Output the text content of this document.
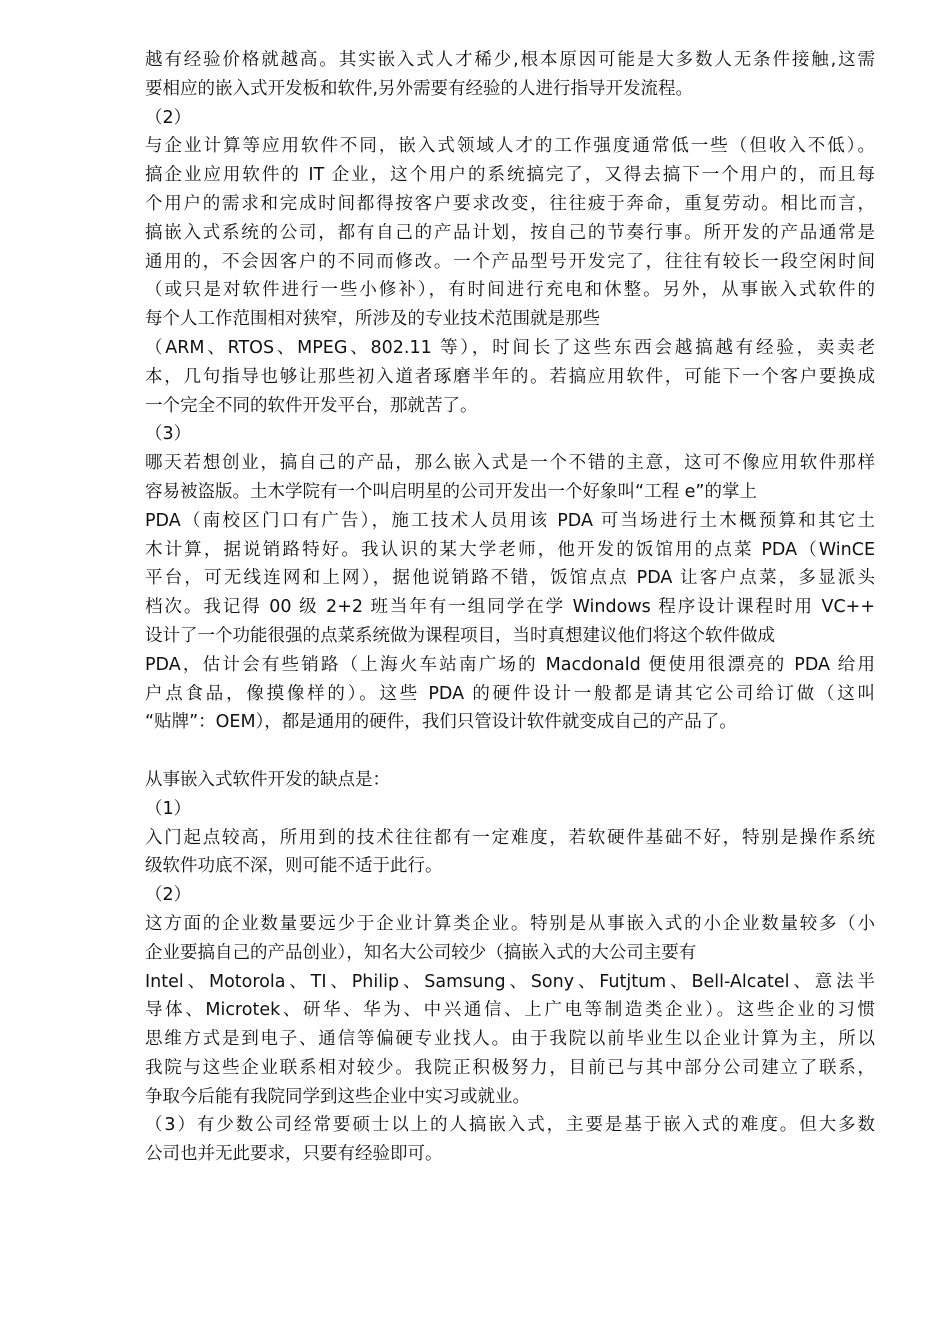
越有经验价格就越高。其实嵌入式人才稀少,根本原因可能是大多数人无条件接触,这需
要相应的嵌入式开发板和软件,另外需要有经验的人进行指导开发流程。
（2）
与企业计算等应用软件不同，嵌入式领域人才的工作强度通常低一些（但收入不低）。
搞企业应用软件的 IT 企业，这个用户的系统搞完了，又得去搞下一个用户的，而且每
个用户的需求和完成时间都得按客户要求改变，往往疲于奔命，重复劳动。相比而言，
搞嵌入式系统的公司，都有自己的产品计划，按自己的节奏行事。所开发的产品通常是
通用的，不会因客户的不同而修改。一个产品型号开发完了，往往有较长一段空闲时间
（或只是对软件进行一些小修补），有时间进行充电和休整。另外，从事嵌入式软件的
每个人工作范围相对狭窄，所涉及的专业技术范围就是那些
（ARM、RTOS、MPEG、802.11 等），时间长了这些东西会越搞越有经验，卖卖老
本，几句指导也够让那些初入道者琢磨半年的。若搞应用软件，可能下一个客户要换成
一个完全不同的软件开发平台，那就苦了。
（3）
哪天若想创业，搞自己的产品，那么嵌入式是一个不错的主意，这可不像应用软件那样
容易被盗版。土木学院有一个叫启明星的公司开发出一个好象叫“工程 e”的掌上
PDA（南校区门口有广告），施工技术人员用该 PDA 可当场进行土木概预算和其它土
木计算，据说销路特好。我认识的某大学老师，他开发的饭馆用的点菜 PDA（WinCE
平台，可无线连网和上网），据他说销路不错，饭馆点点 PDA 让客户点菜，多显派头
档次。我记得 00 级 2+2 班当年有一组同学在学 Windows 程序设计课程时用 VC++
设计了一个功能很强的点菜系统做为课程项目，当时真想建议他们将这个软件做成
PDA，估计会有些销路（上海火车站南广场的 Macdonald 便使用很漂亮的 PDA 给用
户点食品，像摸像样的）。这些 PDA 的硬件设计一般都是请其它公司给订做（这叫
“贴牌”：OEM），都是通用的硬件，我们只管设计软件就变成自己的产品了。
从事嵌入式软件开发的缺点是：
（1）
入门起点较高，所用到的技术往往都有一定难度，若软硬件基础不好，特别是操作系统
级软件功底不深，则可能不适于此行。
（2）
这方面的企业数量要远少于企业计算类企业。特别是从事嵌入式的小企业数量较多（小
企业要搞自己的产品创业），知名大公司较少（搞嵌入式的大公司主要有
Intel、Motorola、TI、Philip、Samsung、Sony、Futjtum、Bell-Alcatel、意法半
导体、Microtek、研华、华为、中兴通信、上广电等制造类企业）。这些企业的习惯
思维方式是到电子、通信等偏硬专业找人。由于我院以前毕业生以企业计算为主，所以
我院与这些企业联系相对较少。我院正积极努力，目前已与其中部分公司建立了联系，
争取今后能有我院同学到这些企业中实习或就业。
（3）有少数公司经常要硕士以上的人搞嵌入式，主要是基于嵌入式的难度。但大多数
公司也并无此要求，只要有经验即可。
